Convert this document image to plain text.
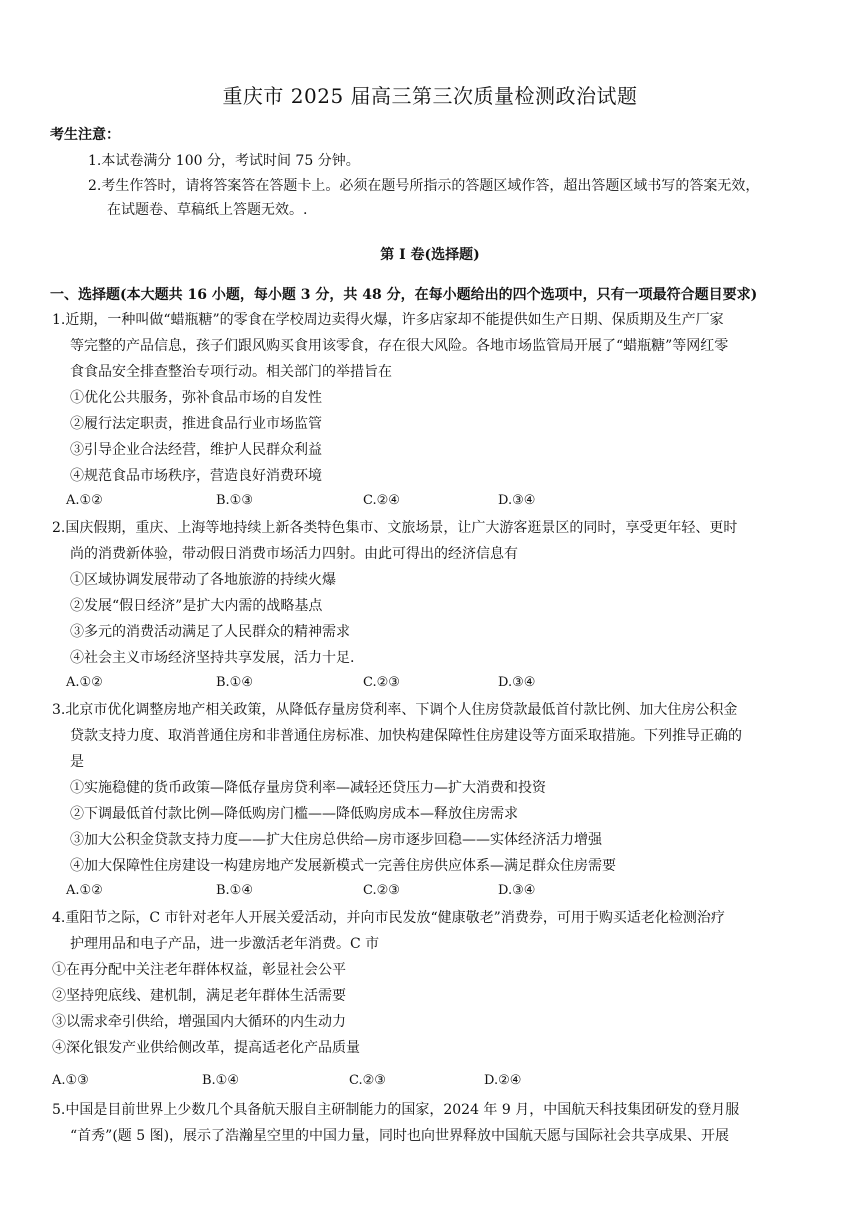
重庆市 2025 届高三第三次质量检测政治试题
考生注意：
1.本试卷满分 100 分，考试时间 75 分钟。
2.考生作答时，请将答案答在答题卡上。必须在题号所指示的答题区域作答，超出答题区域书写的答案无效，
在试题卷、草稿纸上答题无效。.
第 I 卷(选择题)
一、选择题(本大题共 16 小题，每小题 3 分，共 48 分，在每小题给出的四个选项中，只有一项最符合题目要求)
1.近期，一种叫做“蜡瓶糖”的零食在学校周边卖得火爆，许多店家却不能提供如生产日期、保质期及生产厂家
等完整的产品信息，孩子们跟风购买食用该零食，存在很大风险。各地市场监管局开展了“蜡瓶糖”等网红零
食食品安全排查整治专项行动。相关部门的举措旨在
①优化公共服务，弥补食品市场的自发性
②履行法定职责，推进食品行业市场监管
③引导企业合法经营，维护人民群众利益
④规范食品市场秩序，营造良好消费环境
A.①②	B.①③	C.②④	D.③④
2.国庆假期，重庆、上海等地持续上新各类特色集市、文旅场景，让广大游客逛景区的同时，享受更年轻、更时
尚的消费新体验，带动假日消费市场活力四射。由此可得出的经济信息有
①区域协调发展带动了各地旅游的持续火爆
②发展“假日经济”是扩大内需的战略基点
③多元的消费活动满足了人民群众的精神需求
④社会主义市场经济坚持共享发展，活力十足.
A.①②	B.①④	C.②③	D.③④
3.北京市优化调整房地产相关政策，从降低存量房贷利率、下调个人住房贷款最低首付款比例、加大住房公积金
贷款支持力度、取消普通住房和非普通住房标准、加快构建保障性住房建设等方面采取措施。下列推导正确的
是
①实施稳健的货币政策—降低存量房贷利率—减轻还贷压力—扩大消费和投资
②下调最低首付款比例—降低购房门槛——降低购房成本—释放住房需求
③加大公积金贷款支持力度——扩大住房总供给—房市逐步回稳——实体经济活力增强
④加大保障性住房建设一构建房地产发展新模式一完善住房供应体系—满足群众住房需要
A.①②	B.①④	C.②③	D.③④
4.重阳节之际，C 市针对老年人开展关爱活动，并向市民发放“健康敬老”消费券，可用于购买适老化检测治疗
护理用品和电子产品，进一步激活老年消费。C 市
①在再分配中关注老年群体权益，彰显社会公平
②坚持兜底线、建机制，满足老年群体生活需要
③以需求牵引供给，增强国内大循环的内生动力
④深化银发产业供给侧改革，提高适老化产品质量
A.①③	B.①④	C.②③	D.②④
5.中国是目前世界上少数几个具备航天服自主研制能力的国家，2024 年 9 月，中国航天科技集团研发的登月服
“首秀”(题 5 图)，展示了浩瀚星空里的中国力量，同时也向世界释放中国航天愿与国际社会共享成果、开展
